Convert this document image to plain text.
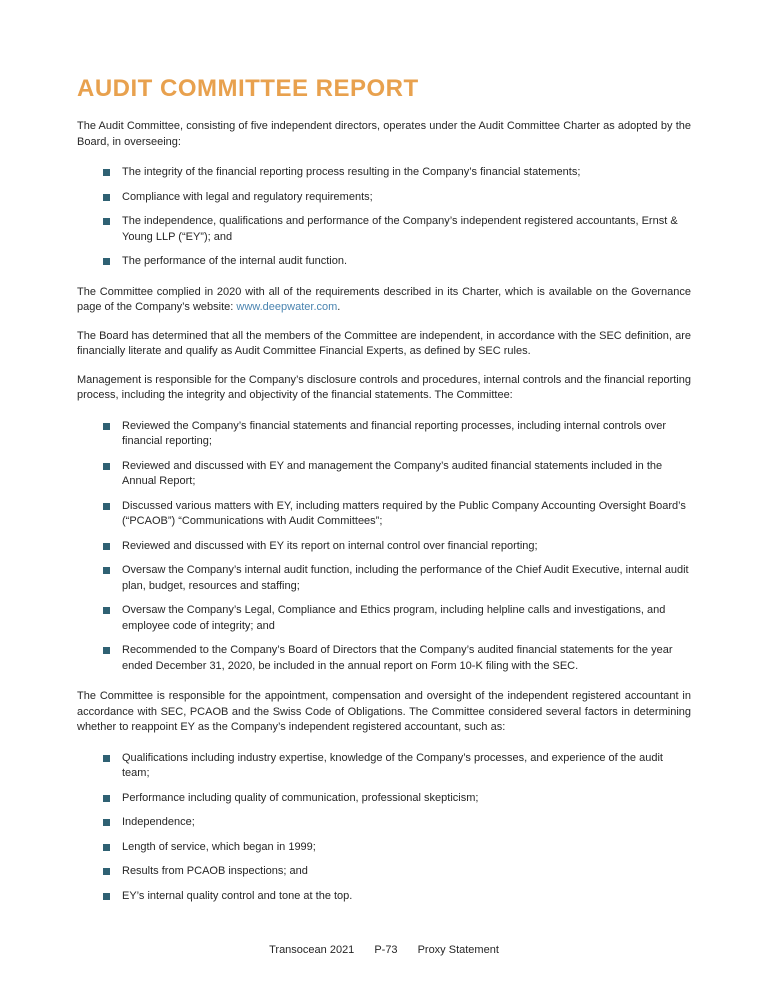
AUDIT COMMITTEE REPORT

The Audit Committee, consisting of five independent directors, operates under the Audit Committee Charter as adopted by the Board, in overseeing:

The integrity of the financial reporting process resulting in the Company’s financial statements;
Compliance with legal and regulatory requirements;
The independence, qualifications and performance of the Company’s independent registered accountants, Ernst & Young LLP (“EY”); and
The performance of the internal audit function.

The Committee complied in 2020 with all of the requirements described in its Charter, which is available on the Governance page of the Company’s website: www.deepwater.com.

The Board has determined that all the members of the Committee are independent, in accordance with the SEC definition, are financially literate and qualify as Audit Committee Financial Experts, as defined by SEC rules.

Management is responsible for the Company’s disclosure controls and procedures, internal controls and the financial reporting process, including the integrity and objectivity of the financial statements. The Committee:

Reviewed the Company’s financial statements and financial reporting processes, including internal controls over financial reporting;
Reviewed and discussed with EY and management the Company’s audited financial statements included in the Annual Report;
Discussed various matters with EY, including matters required by the Public Company Accounting Oversight Board’s (“PCAOB”) “Communications with Audit Committees”;
Reviewed and discussed with EY its report on internal control over financial reporting;
Oversaw the Company’s internal audit function, including the performance of the Chief Audit Executive, internal audit plan, budget, resources and staffing;
Oversaw the Company’s Legal, Compliance and Ethics program, including helpline calls and investigations, and employee code of integrity; and
Recommended to the Company’s Board of Directors that the Company’s audited financial statements for the year ended December 31, 2020, be included in the annual report on Form 10-K filing with the SEC.

The Committee is responsible for the appointment, compensation and oversight of the independent registered accountant in accordance with SEC, PCAOB and the Swiss Code of Obligations. The Committee considered several factors in determining whether to reappoint EY as the Company’s independent registered accountant, such as:

Qualifications including industry expertise, knowledge of the Company’s processes, and experience of the audit team;
Performance including quality of communication, professional skepticism;
Independence;
Length of service, which began in 1999;
Results from PCAOB inspections; and
EY’s internal quality control and tone at the top.
Transocean 2021 P-73 Proxy Statement
